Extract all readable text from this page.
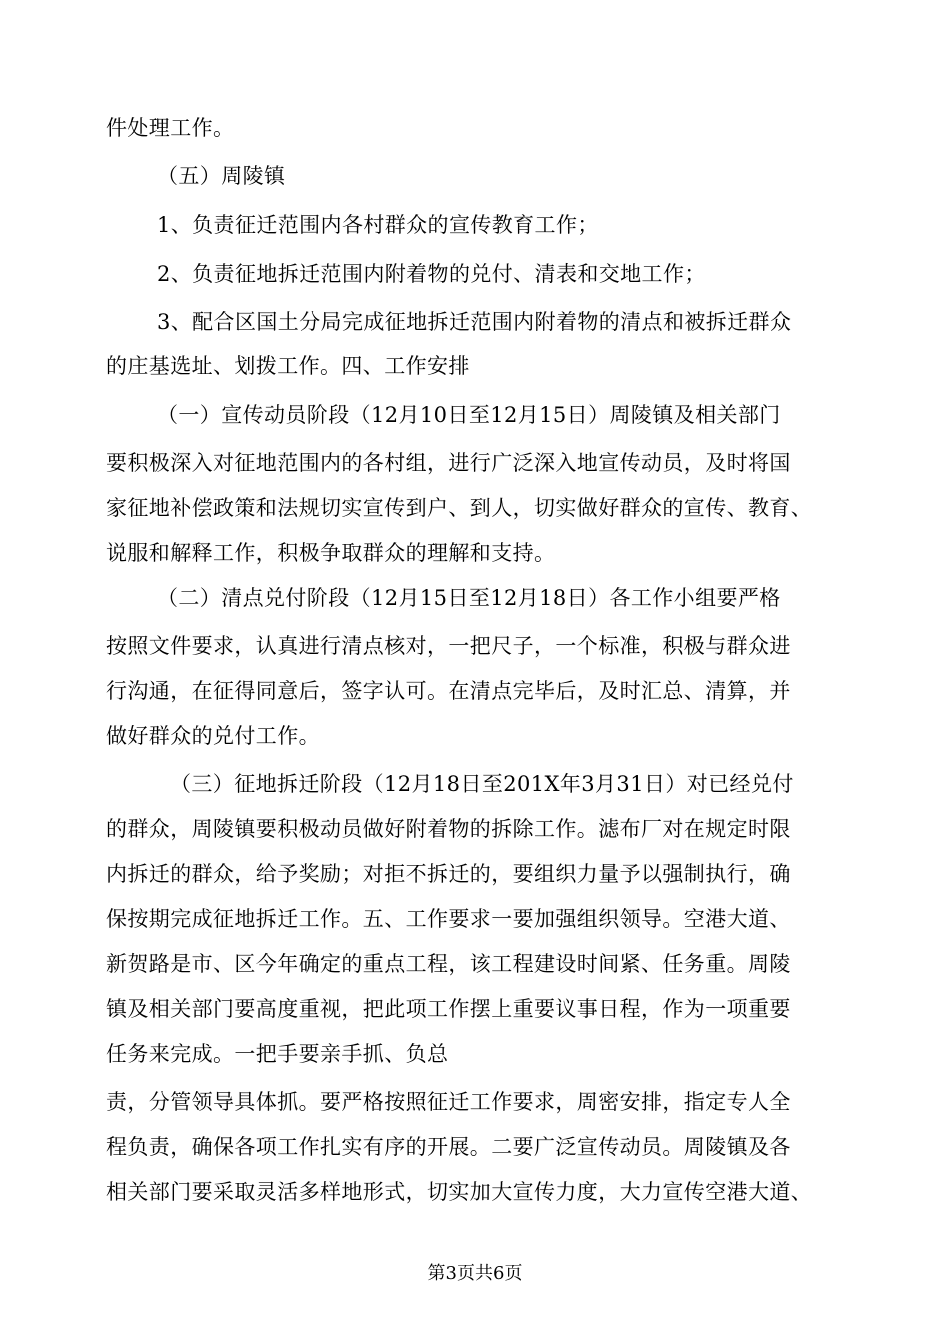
件处理工作。
（五）周陵镇
1、负责征迁范围内各村群众的宣传教育工作；
2、负责征地拆迁范围内附着物的兑付、清表和交地工作；
3、配合区国土分局完成征地拆迁范围内附着物的清点和被拆迁群众
的庄基选址、划拨工作。四、工作安排
（一）宣传动员阶段（12月10日至12月15日）周陵镇及相关部门
要积极深入对征地范围内的各村组，进行广泛深入地宣传动员，及时将国
家征地补偿政策和法规切实宣传到户、到人，切实做好群众的宣传、教育、
说服和解释工作，积极争取群众的理解和支持。
（二）清点兑付阶段（12月15日至12月18日）各工作小组要严格
按照文件要求，认真进行清点核对，一把尺子，一个标准，积极与群众进
行沟通，在征得同意后，签字认可。在清点完毕后，及时汇总、清算，并
做好群众的兑付工作。
（三）征地拆迁阶段（12月18日至201X年3月31日）对已经兑付
的群众，周陵镇要积极动员做好附着物的拆除工作。滤布厂对在规定时限
内拆迁的群众，给予奖励；对拒不拆迁的，要组织力量予以强制执行，确
保按期完成征地拆迁工作。五、工作要求一要加强组织领导。空港大道、
新贺路是市、区今年确定的重点工程，该工程建设时间紧、任务重。周陵
镇及相关部门要高度重视，把此项工作摆上重要议事日程，作为一项重要
任务来完成。一把手要亲手抓、负总
责，分管领导具体抓。要严格按照征迁工作要求，周密安排，指定专人全
程负责，确保各项工作扎实有序的开展。二要广泛宣传动员。周陵镇及各
相关部门要采取灵活多样地形式，切实加大宣传力度，大力宣传空港大道、
第3页共6页
